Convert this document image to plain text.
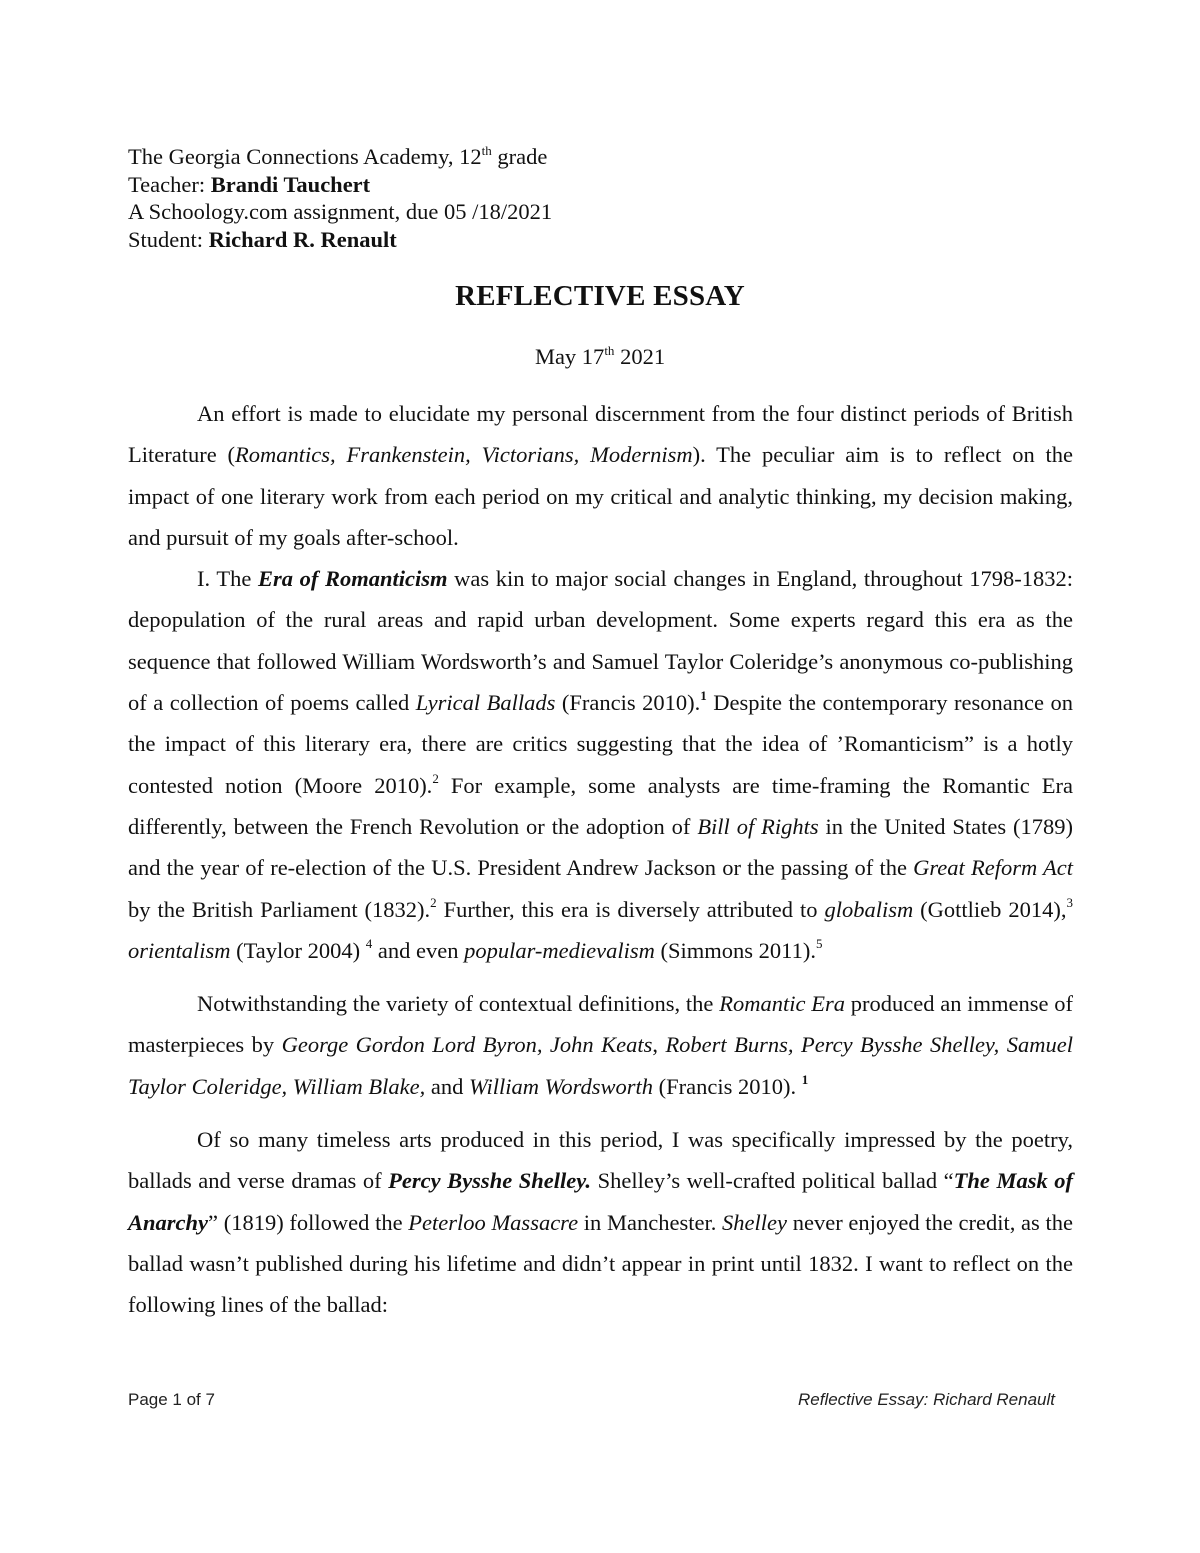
The Georgia Connections Academy, 12th grade
Teacher: Brandi Tauchert
A Schoology.com assignment, due 05 /18/2021
Student: Richard R. Renault
REFLECTIVE ESSAY
May 17th 2021

An effort is made to elucidate my personal discernment from the four distinct periods of British Literature (Romantics, Frankenstein, Victorians, Modernism). The peculiar aim is to reflect on the impact of one literary work from each period on my critical and analytic thinking, my decision making, and pursuit of my goals after-school.

I. The Era of Romanticism was kin to major social changes in England, throughout 1798-1832: depopulation of the rural areas and rapid urban development. Some experts regard this era as the sequence that followed William Wordsworth’s and Samuel Taylor Coleridge’s anonymous co-publishing of a collection of poems called Lyrical Ballads (Francis 2010).$^1$ Despite the contemporary resonance on the impact of this literary era, there are critics suggesting that the idea of ’Romanticism” is a hotly contested notion (Moore 2010).$^2$ For example, some analysts are time-framing the Romantic Era differently, between the French Revolution or the adoption of Bill of Rights in the United States (1789) and the year of re-election of the U.S. President Andrew Jackson or the passing of the Great Reform Act by the British Parliament (1832).$^2$ Further, this era is diversely attributed to globalism (Gottlieb 2014),$^3$ orientalism (Taylor 2004) $^4$ and even popular-medievalism (Simmons 2011).$^5$

Notwithstanding the variety of contextual definitions, the Romantic Era produced an immense of masterpieces by George Gordon Lord Byron, John Keats, Robert Burns, Percy Bysshe Shelley, Samuel Taylor Coleridge, William Blake, and William Wordsworth (Francis 2010). $^1$

Of so many timeless arts produced in this period, I was specifically impressed by the poetry, ballads and verse dramas of Percy Bysshe Shelley. Shelley’s well-crafted political ballad “The Mask of Anarchy” (1819) followed the Peterloo Massacre in Manchester. Shelley never enjoyed the credit, as the ballad wasn’t published during his lifetime and didn’t appear in print until 1832. I want to reflect on the following lines of the ballad:

Page 1 of 7	Reflective Essay: Richard Renault
